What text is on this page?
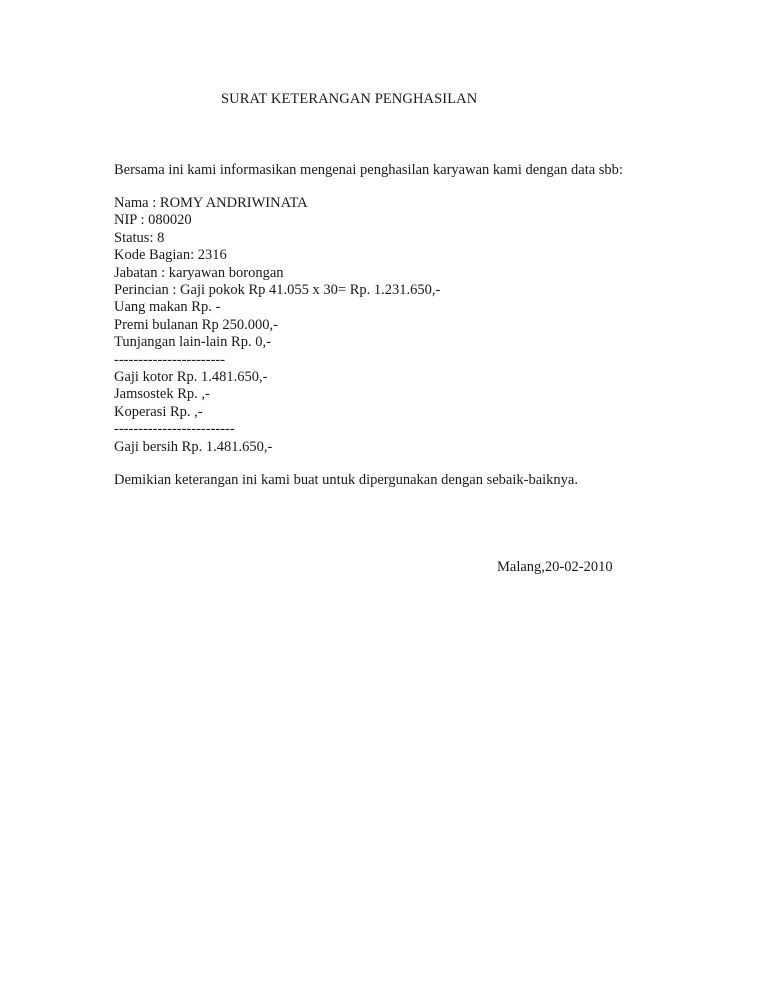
SURAT KETERANGAN PENGHASILAN
Bersama ini kami informasikan mengenai penghasilan karyawan kami dengan data sbb:
Nama : ROMY ANDRIWINATA
NIP : 080020
Status: 8
Kode Bagian: 2316
Jabatan : karyawan borongan
Perincian : Gaji pokok Rp 41.055 x 30= Rp. 1.231.650,-
Uang makan Rp. -
Premi bulanan Rp 250.000,-
Tunjangan lain-lain Rp. 0,-
-----------------------
Gaji kotor Rp. 1.481.650,-
Jamsostek Rp. ,-
Koperasi Rp. ,-
-------------------------
Gaji bersih Rp. 1.481.650,-
Demikian keterangan ini kami buat untuk dipergunakan dengan sebaik-baiknya.
Malang,20-02-2010
